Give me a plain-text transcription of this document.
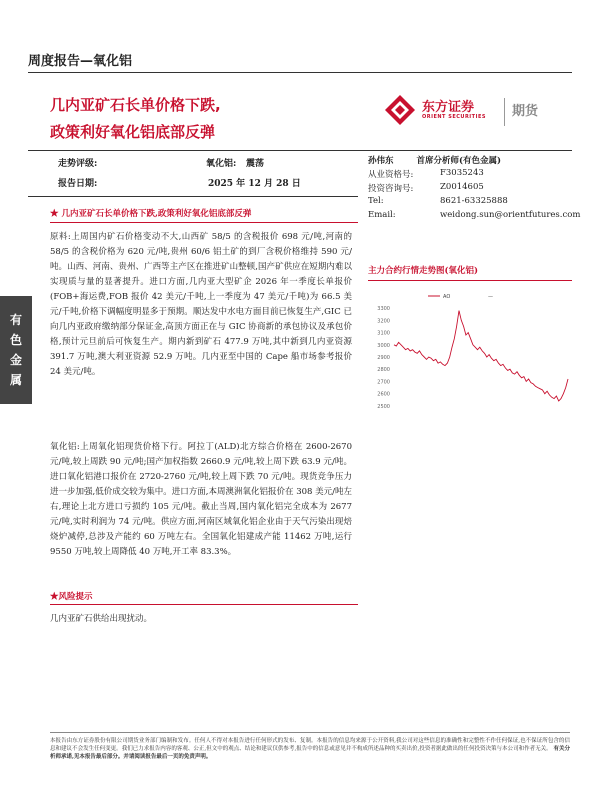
周度报告—氧化铝
几内亚矿石长单价格下跌,
政策利好氧化铝底部反弹
东方证券
ORIENT SECURITIES 期货
走势评级:	氧化铝: 震荡
报告日期:	2025 年 12 月 28 日
有
色
金
属
★ 几内亚矿石长单价格下跌,政策利好氧化铝底部反弹

原料:上周国内矿石价格变动不大,山西矿 58/5 的含税报价 698 元/吨,河南的 58/5 的含税价格为 620 元/吨,贵州 60/6 铝土矿的到厂含税价格维持 590 元/吨。山西、河南、贵州、广西等主产区在推进矿山整顿,国产矿供应在短期内难以实现质与量的显著提升。进口方面,几内亚大型矿企 2026 年一季度长单报价(FOB+海运费,FOB 报价 42 美元/千吨,上一季度为 47 美元/千吨)为 66.5 美元/千吨,价格下调幅度明显多于预期。顺达发中水电方面目前已恢复生产,GIC 已向几内亚政府缴纳部分保证金,高顶方面正在与 GIC 协商新的承包协议及承包价格,预计元旦前后可恢复生产。期内新到矿石 477.9 万吨,其中新到几内亚资源 391.7 万吨,澳大利亚资源 52.9 万吨。几内亚至中国的 Cape 船市场参考报价 24 美元/吨。

氧化铝:上周氧化铝现货价格下行。阿拉丁(ALD)北方综合价格在 2600-2670 元/吨,较上周跌 90 元/吨;国产加权指数 2660.9 元/吨,较上周下跌 63.9 元/吨。进口氧化铝港口报价在 2720-2760 元/吨,较上周下跌 70 元/吨。现货竞争压力进一步加强,低价成交较为集中。进口方面,本周澳洲氧化铝报价在 308 美元/吨左右,理论上北方进口亏损约 105 元/吨。截止当周,国内氧化铝完全成本为 2677 元/吨,实时利润为 74 元/吨。供应方面,河南区域氧化铝企业由于天气污染出现焙烧炉减停,总涉及产能约 60 万吨左右。全国氧化铝建成产能 11462 万吨,运行 9550 万吨,较上周降低 40 万吨,开工率 83.3%。

★风险提示
几内亚矿石供给出现扰动。
孙伟东	首席分析师(有色金属)
从业资格号:	F3035243
投资咨询号:	Z0014605
Tel:	8621-63325888
Email:	weidong.sun@orientfutures.com
主力合约行情走势图(氧化铝)
3300
3200
3100
3000
2900
2800
2700
2600
2500
AO	—
本报告由东方证券股份有限公司期货业务部门编制和发布。任何人不得对本报告进行任何形式的发布、复制。本报告的信息均来源于公开资料,我公司对这些信息的准确性和完整性不作任何保证,也不保证所包含的信息和建议不会发生任何变更。我们已力求报告内容的客观、公正,但文中的观点、结论和建议仅供参考,报告中的信息或意见并不构成所述品种的买卖出价,投资者据此做出的任何投资决策与本公司和作者无关。 有关分析师承诺,见本报告最后部分。并请阅读报告最后一页的免责声明。
